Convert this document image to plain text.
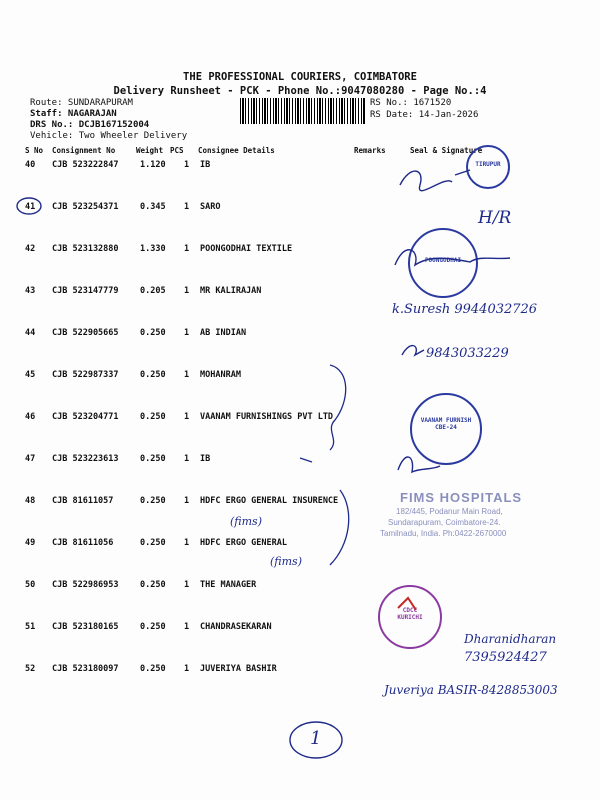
THE PROFESSIONAL COURIERS, COIMBATORE
Delivery Runsheet - PCK - Phone No.:9047080280 - Page No.:4
Route: SUNDARAPURAM
Staff: NAGARAJAN
DRS No.: DCJB167152004
Vehicle: Two Wheeler Delivery
RS No.: 1671520
RS Date: 14-Jan-2026
S No Consignment No	Weight PCS Consignee Details	Remarks	Seal & Signature
40 CJB 523222847	1.120 1 IB
41 CJB 523254371	0.345 1 SARO
42 CJB 523132880	1.330 1 POONGODHAI TEXTILE
43 CJB 523147779	0.205 1 MR KALIRAJAN
44 CJB 522905665	0.250 1 AB INDIAN
45 CJB 522987337	0.250 1 MOHANRAM
46 CJB 523204771	0.250 1 VAANAM FURNISHINGS PVT LTD
47 CJB 523223613	0.250 1 IB
48 CJB 81611057	0.250 1 HDFC ERGO GENERAL INSURENCE
49 CJB 81611056	0.250 1 HDFC ERGO GENERAL
50 CJB 522986953	0.250 1 THE MANAGER
51 CJB 523180165	0.250 1 CHANDRASEKARAN
52 CJB 523180097	0.250 1 JUVERIYA BASHIR
TIRUPUR
POONGODHAI
VAANAM FURNISH
CBE-24
CDCC
KURICHI
FIMS HOSPITALS
182/445, Podanur Main Road,
Sundarapuram, Coimbatore-24.
Tamilnadu, India. Ph:0422-2670000
H/R
k.Suresh 9944032726
9843033229
(fims)
(fims)
Dharanidharan
7395924427
Juveriya BASIR-8428853003
1
